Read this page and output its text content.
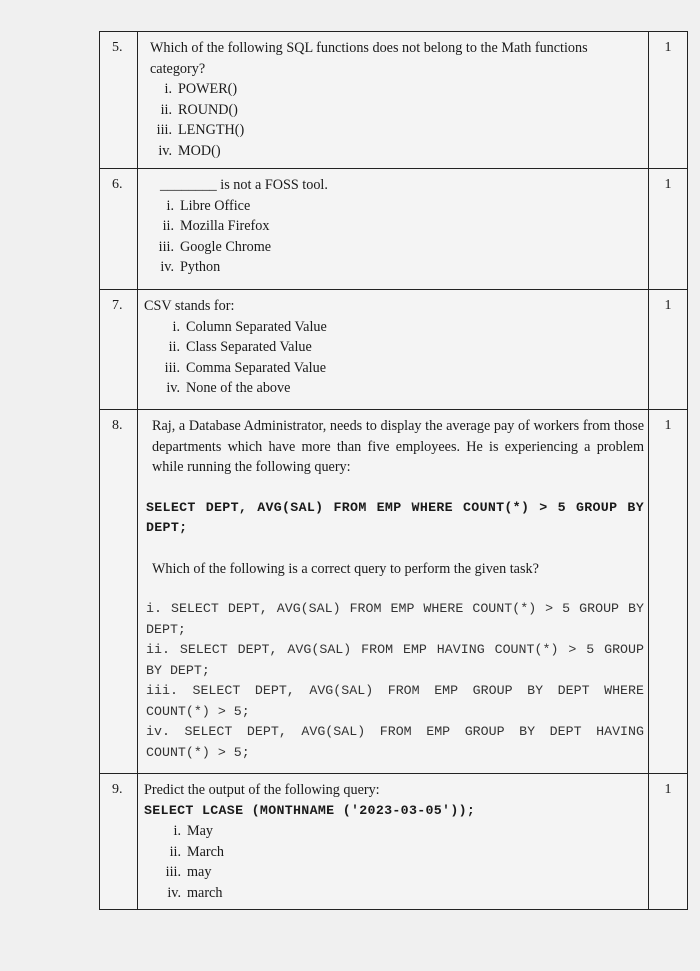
5.	Which of the following SQL functions does not belong to the Math functions category?

i. POWER()
ii. ROUND()
iii. LENGTH()
iv. MOD()
1
6.	________ is not a FOSS tool.

i. Libre Office
ii. Mozilla Firefox
iii. Google Chrome
iv. Python
1
7.	CSV stands for:

i. Column Separated Value
ii. Class Separated Value
iii. Comma Separated Value
iv. None of the above
1
8.	Raj, a Database Administrator, needs to display the average pay of workers from those departments which have more than five employees. He is experiencing a problem while running the following query:

SELECT DEPT, AVG(SAL) FROM EMP WHERE COUNT(*) > 5 GROUP BY DEPT;

Which of the following is a correct query to perform the given task?

i. SELECT DEPT, AVG(SAL) FROM EMP WHERE COUNT(*) > 5 GROUP BY DEPT;

ii. SELECT DEPT, AVG(SAL) FROM EMP HAVING COUNT(*) > 5 GROUP BY DEPT;

iii. SELECT DEPT, AVG(SAL) FROM EMP GROUP BY DEPT WHERE COUNT(*) > 5;

iv. SELECT DEPT, AVG(SAL) FROM EMP GROUP BY DEPT HAVING COUNT(*) > 5;

1
9.	Predict the output of the following query:

SELECT LCASE (MONTHNAME ('2023-03-05'));

i. May
ii. March
iii. may
iv. march
1
